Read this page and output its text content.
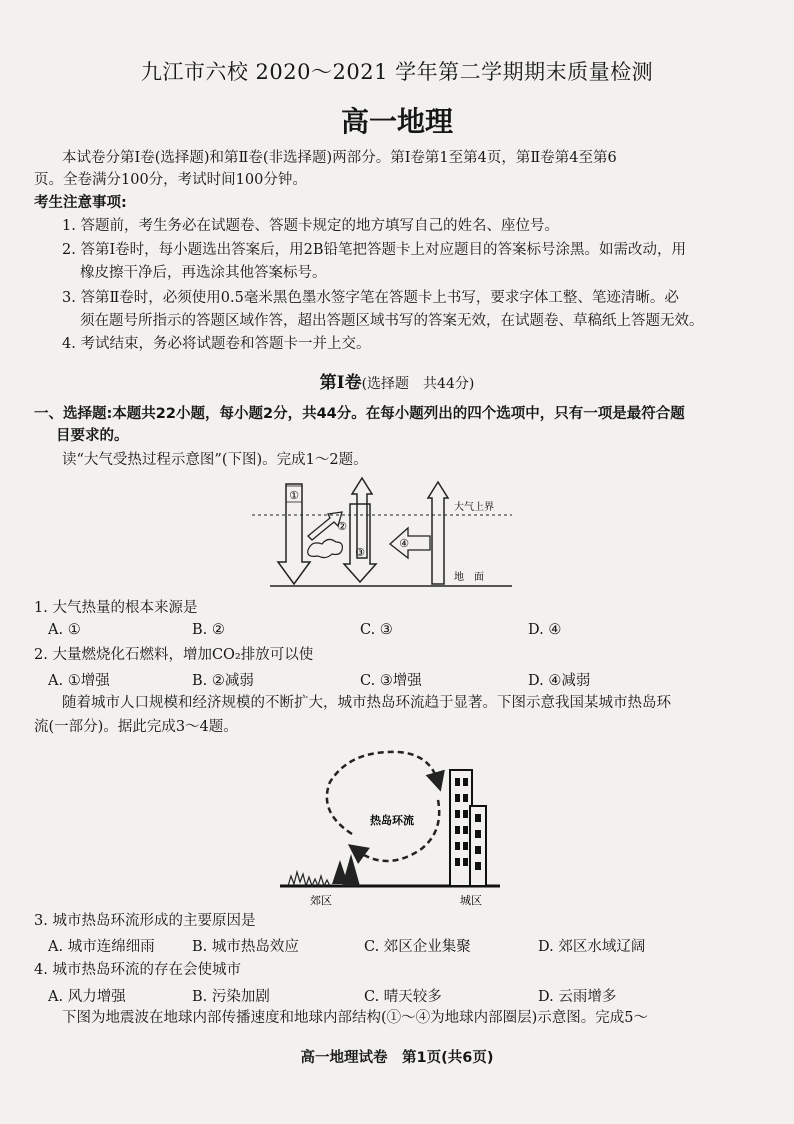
九江市六校 2020～2021 学年第二学期期末质量检测
高一地理
本试卷分第Ⅰ卷(选择题)和第Ⅱ卷(非选择题)两部分。第Ⅰ卷第1至第4页，第Ⅱ卷第4至第6
页。全卷满分100分，考试时间100分钟。
考生注意事项:
1. 答题前，考生务必在试题卷、答题卡规定的地方填写自己的姓名、座位号。
2. 答第Ⅰ卷时，每小题选出答案后，用2B铅笔把答题卡上对应题目的答案标号涂黑。如需改动，用
橡皮擦干净后，再选涂其他答案标号。
3. 答第Ⅱ卷时，必须使用0.5毫米黑色墨水签字笔在答题卡上书写，要求字体工整、笔迹清晰。必
须在题号所指示的答题区域作答，超出答题区域书写的答案无效，在试题卷、草稿纸上答题无效。
4. 考试结束，务必将试题卷和答题卡一并上交。
第Ⅰ卷(选择题　共44分)
一、选择题:本题共22小题，每小题2分，共44分。在每小题列出的四个选项中，只有一项是最符合题
目要求的。
读“大气受热过程示意图”(下图)。完成1～2题。
①
②
③
④
大气上界
地　面
1. 大气热量的根本来源是
A. ①	B. ②	C. ③	D. ④
2. 大量燃烧化石燃料，增加CO₂排放可以使
A. ①增强	B. ②减弱	C. ③增强	D. ④减弱
随着城市人口规模和经济规模的不断扩大，城市热岛环流趋于显著。下图示意我国某城市热岛环
流(一部分)。据此完成3～4题。
热岛环流
郊区	城区
3. 城市热岛环流形成的主要原因是
A. 城市连绵细雨	B. 城市热岛效应	C. 郊区企业集聚	D. 郊区水域辽阔
4. 城市热岛环流的存在会使城市
A. 风力增强	B. 污染加剧	C. 晴天较多	D. 云雨增多
下图为地震波在地球内部传播速度和地球内部结构(①～④为地球内部圈层)示意图。完成5～
高一地理试卷　第1页(共6页)
